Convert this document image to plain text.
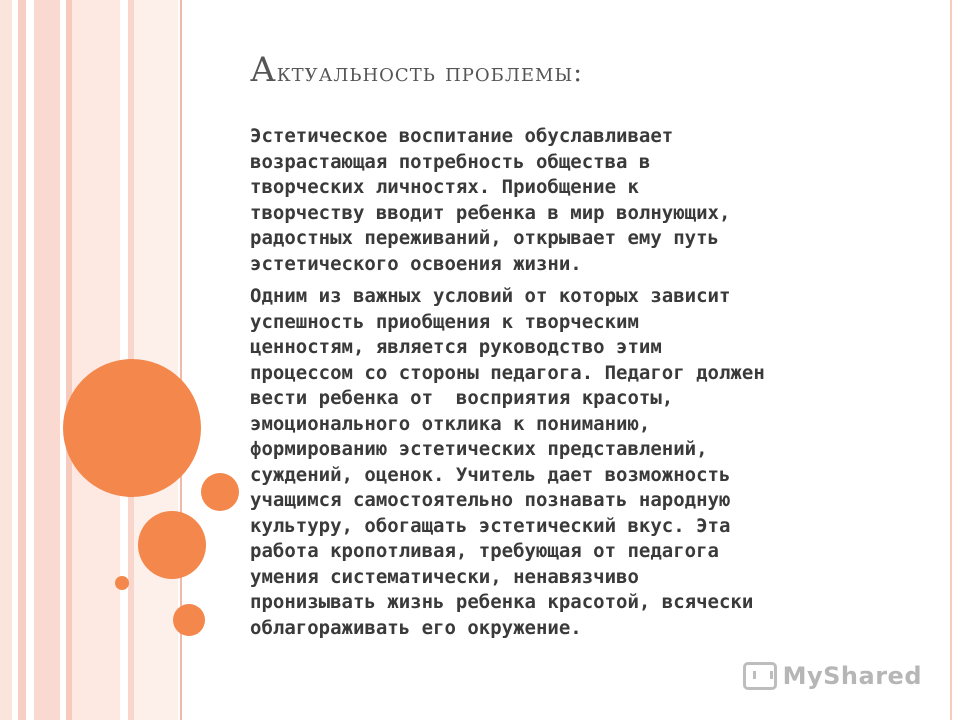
Актуальность проблемы:

Эстетическое воспитание обуславливает
возрастающая потребность общества в
творческих личностях. Приобщение к
творчеству вводит ребенка в мир волнующих,
радостных переживаний, открывает ему путь
эстетического освоения жизни.

Одним из важных условий от которых зависит
успешность приобщения к творческим
ценностям, является руководство этим
процессом со стороны педагога. Педагог должен
вести ребенка от  восприятия красоты,
эмоционального отклика к пониманию,
формированию эстетических представлений,
суждений, оценок. Учитель дает возможность
учащимся самостоятельно познавать народную
культуру, обогащать эстетический вкус. Эта
работа кропотливая, требующая от педагога
умения систематически, ненавязчиво
пронизывать жизнь ребенка красотой, всячески
облагораживать его окружение.

MyShared
